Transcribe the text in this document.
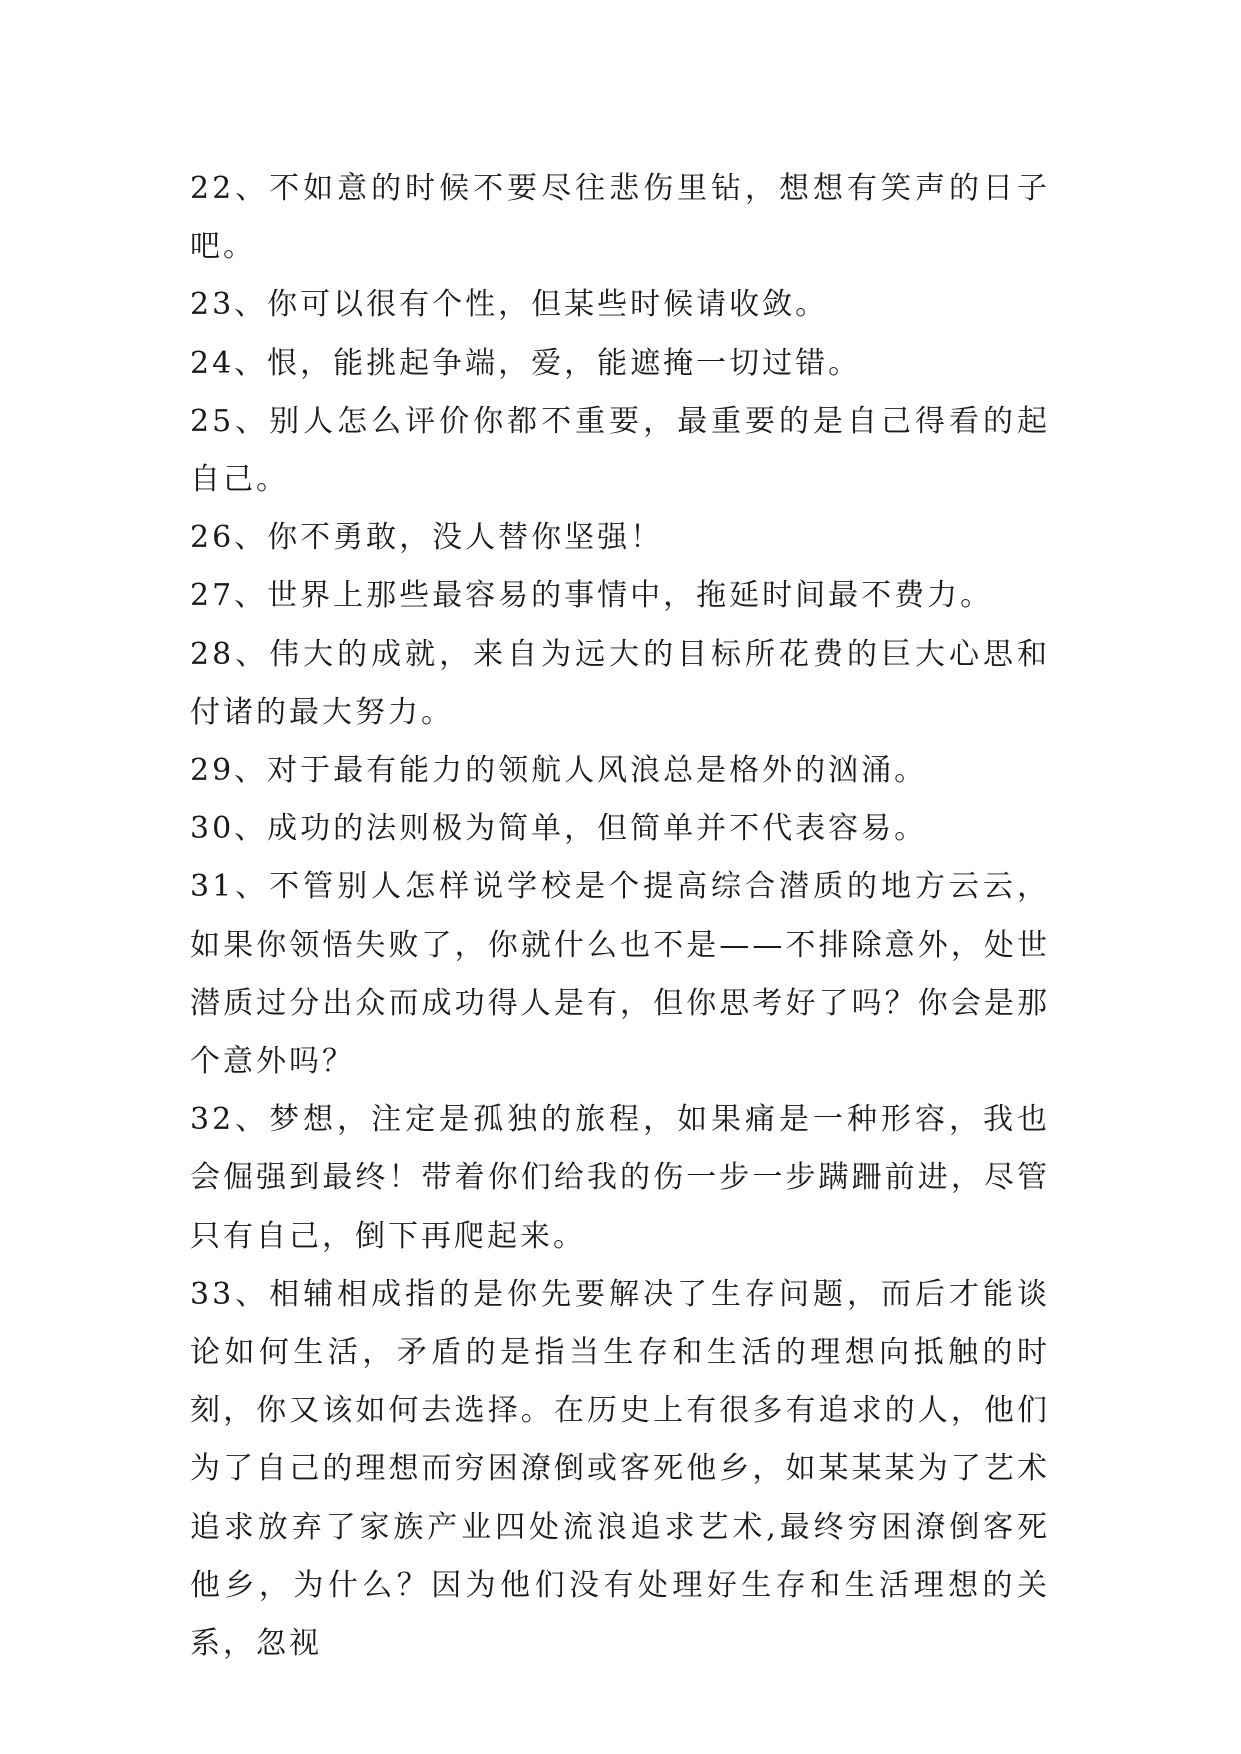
22、不如意的时候不要尽往悲伤里钻，想想有笑声的日子吧。

23、你可以很有个性，但某些时候请收敛。

24、恨，能挑起争端，爱，能遮掩一切过错。

25、别人怎么评价你都不重要，最重要的是自己得看的起自己。

26、你不勇敢，没人替你坚强！

27、世界上那些最容易的事情中，拖延时间最不费力。

28、伟大的成就，来自为远大的目标所花费的巨大心思和付诸的最大努力。

29、对于最有能力的领航人风浪总是格外的汹涌。

30、成功的法则极为简单，但简单并不代表容易。

31、不管别人怎样说学校是个提高综合潜质的地方云云，如果你领悟失败了，你就什么也不是——不排除意外，处世潜质过分出众而成功得人是有，但你思考好了吗？你会是那个意外吗？

32、梦想，注定是孤独的旅程，如果痛是一种形容，我也会倔强到最终！带着你们给我的伤一步一步蹒跚前进，尽管只有自己，倒下再爬起来。

33、相辅相成指的是你先要解决了生存问题，而后才能谈论如何生活，矛盾的是指当生存和生活的理想向抵触的时刻，你又该如何去选择。在历史上有很多有追求的人，他们为了自己的理想而穷困潦倒或客死他乡，如某某某为了艺术追求放弃了家族产业四处流浪追求艺术,最终穷困潦倒客死他乡，为什么？因为他们没有处理好生存和生活理想的关系，忽视
